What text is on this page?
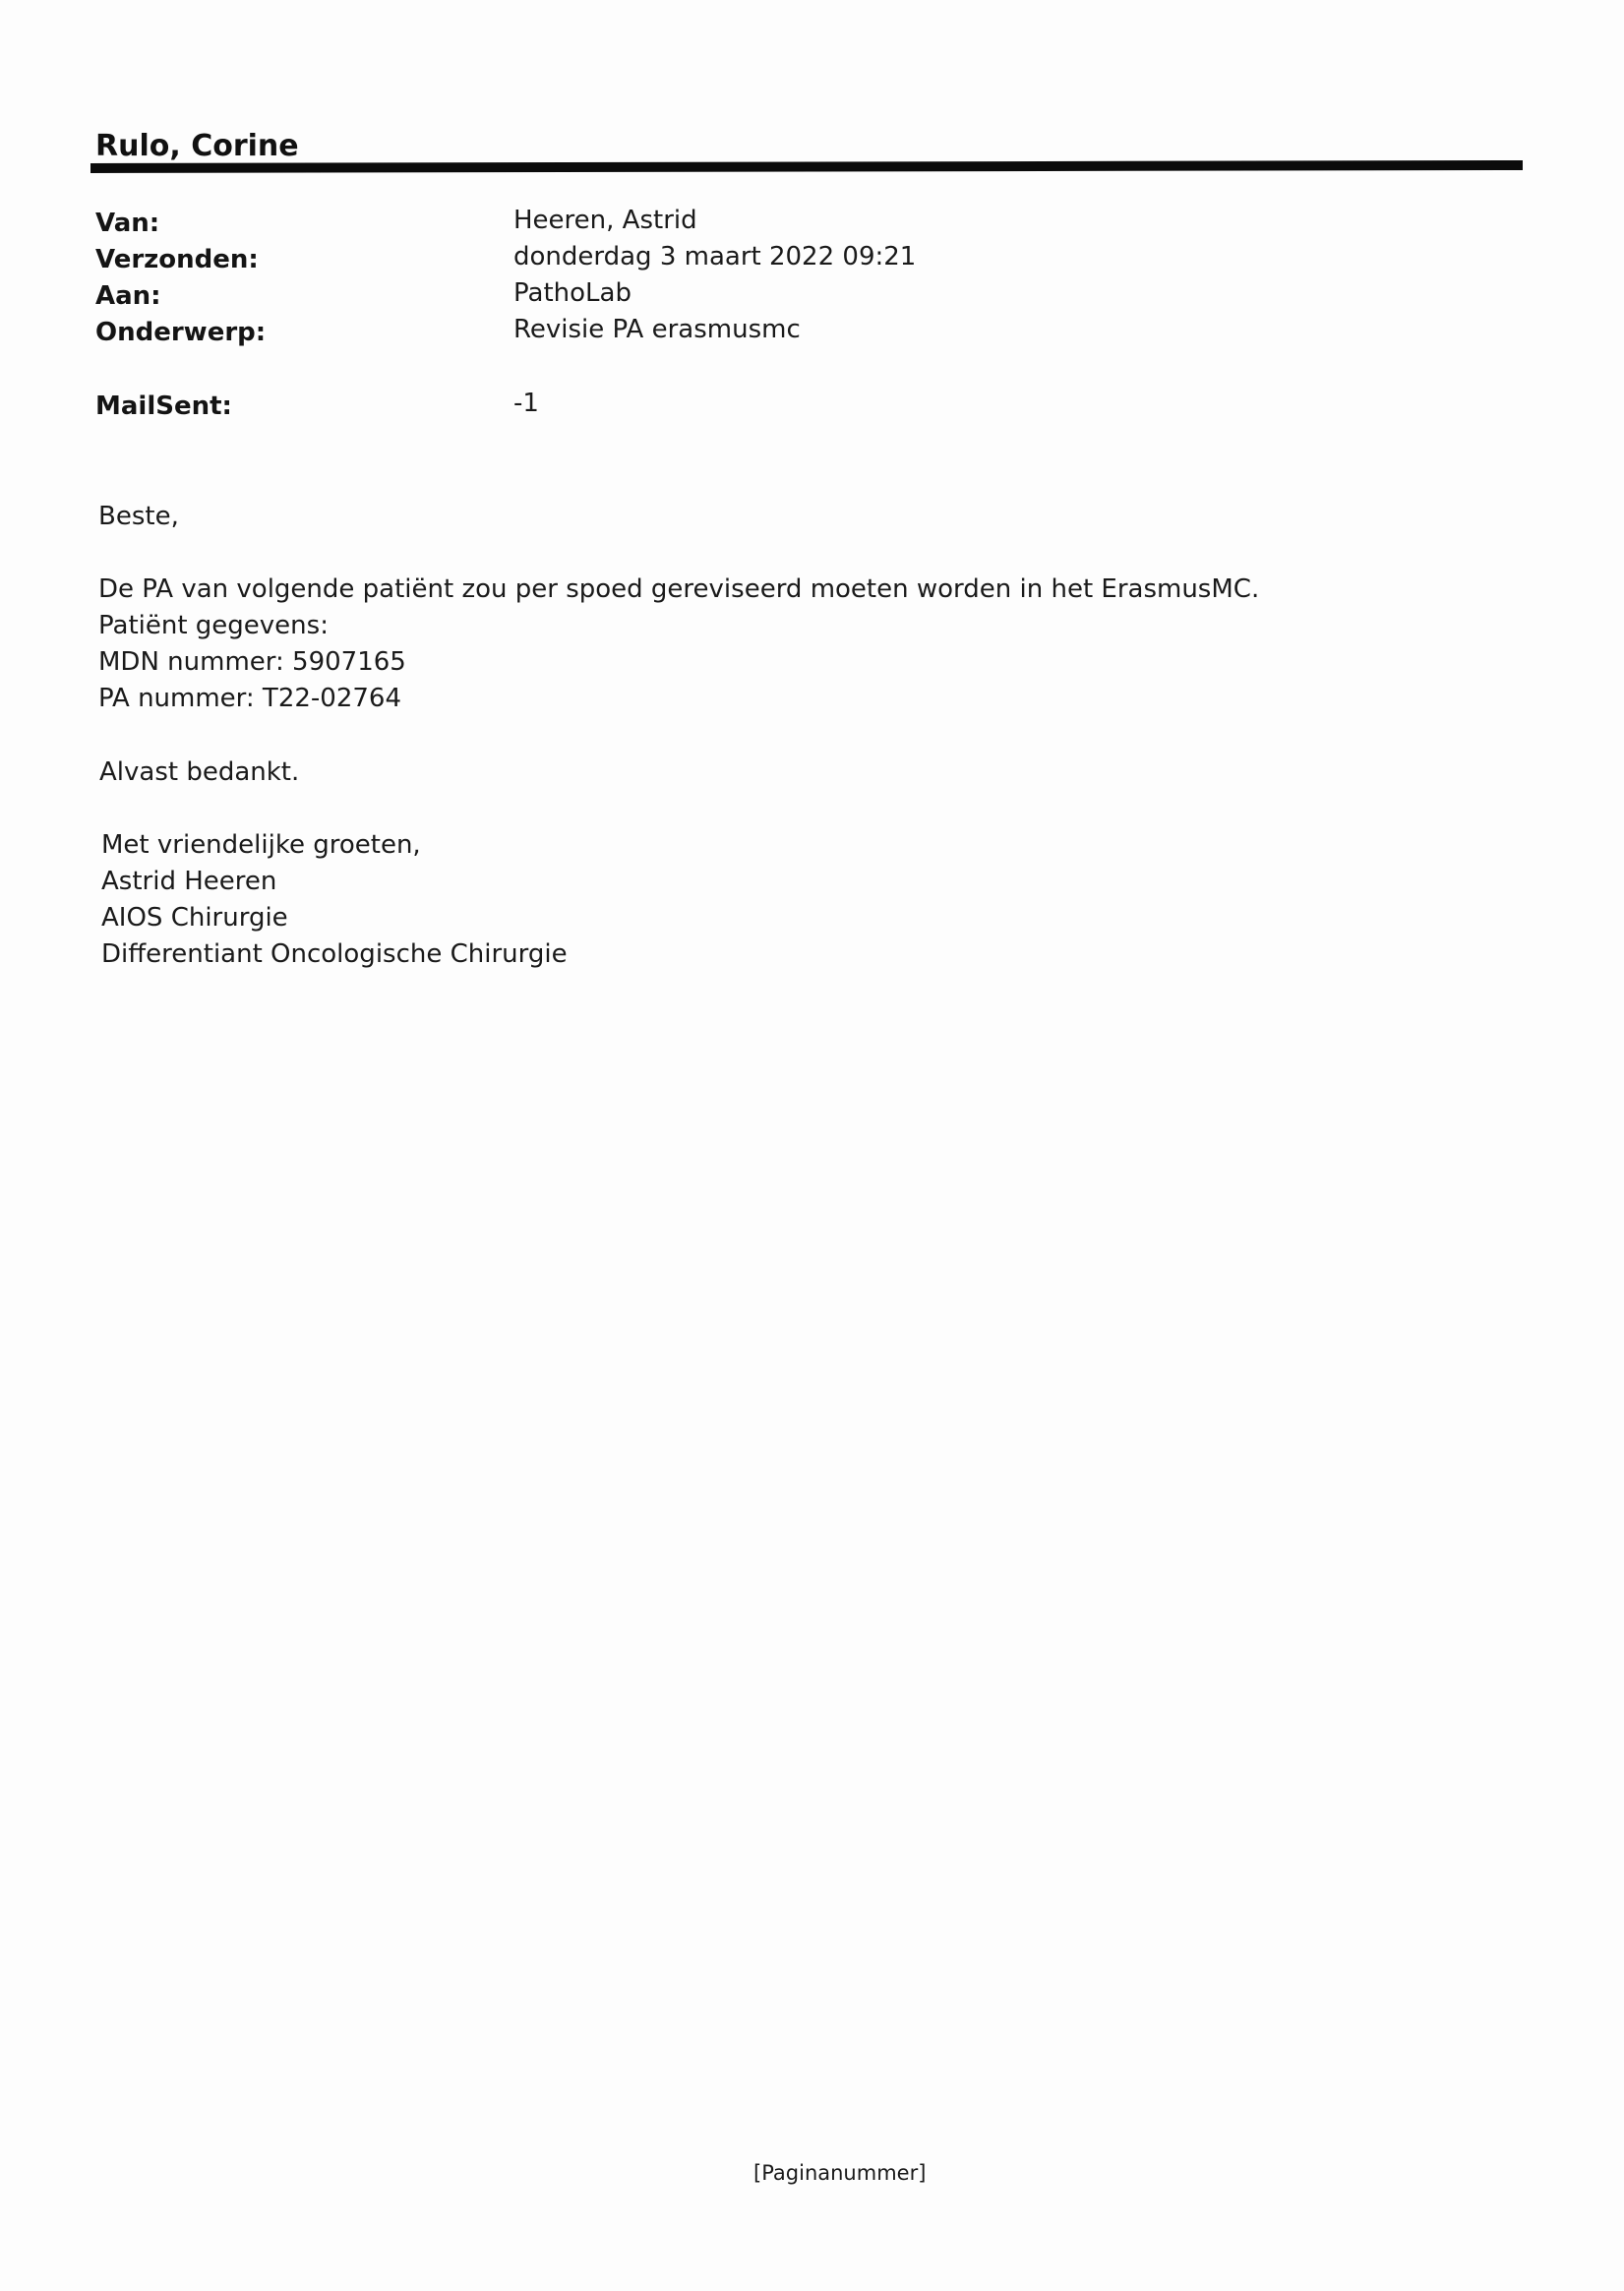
Rulo, Corine
Van:	Heeren, Astrid
Verzonden:	donderdag 3 maart 2022 09:21
Aan:	PathoLab
Onderwerp:	Revisie PA erasmusmc
MailSent:	-1
Beste,
De PA van volgende patiënt zou per spoed gereviseerd moeten worden in het ErasmusMC.
Patiënt gegevens:
MDN nummer: 5907165
PA nummer: T22-02764
Alvast bedankt.
Met vriendelijke groeten,
Astrid Heeren
AIOS Chirurgie
Differentiant Oncologische Chirurgie
[Paginanummer]
